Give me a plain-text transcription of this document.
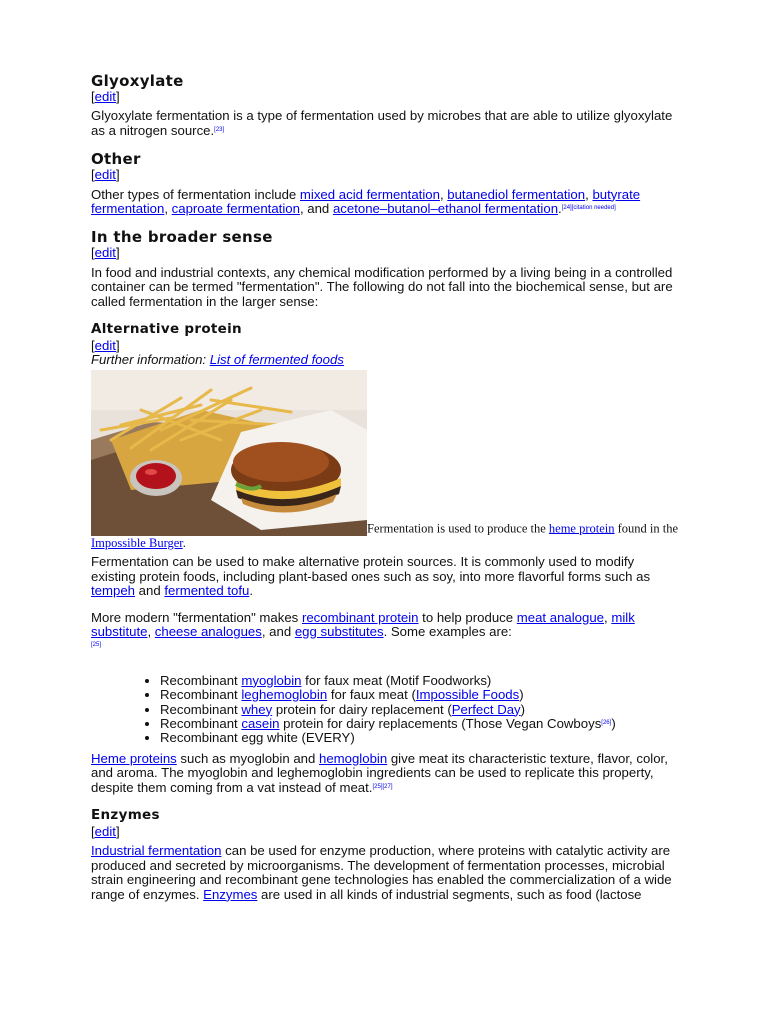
Glyoxylate
[edit]

Glyoxylate fermentation is a type of fermentation used by microbes that are able to utilize glyoxylate as a nitrogen source.[23]

Other
[edit]

Other types of fermentation include mixed acid fermentation, butanediol fermentation, butyrate fermentation, caproate fermentation, and acetone–butanol–ethanol fermentation.[24][citation needed]

In the broader sense
[edit]

In food and industrial contexts, any chemical modification performed by a living being in a controlled container can be termed "fermentation". The following do not fall into the biochemical sense, but are called fermentation in the larger sense:

Alternative protein
[edit]
Further information: List of fermented foods
Fermentation is used to produce the heme protein found in the Impossible Burger.

Fermentation can be used to make alternative protein sources. It is commonly used to modify existing protein foods, including plant-based ones such as soy, into more flavorful forms such as tempeh and fermented tofu.

More modern "fermentation" makes recombinant protein to help produce meat analogue, milk substitute, cheese analogues, and egg substitutes. Some examples are:
[25]

• Recombinant myoglobin for faux meat (Motif Foodworks)
• Recombinant leghemoglobin for faux meat (Impossible Foods)
• Recombinant whey protein for dairy replacement (Perfect Day)
• Recombinant casein protein for dairy replacements (Those Vegan Cowboys[26])
• Recombinant egg white (EVERY)

Heme proteins such as myoglobin and hemoglobin give meat its characteristic texture, flavor, color, and aroma. The myoglobin and leghemoglobin ingredients can be used to replicate this property, despite them coming from a vat instead of meat.[25][27]

Enzymes
[edit]

Industrial fermentation can be used for enzyme production, where proteins with catalytic activity are produced and secreted by microorganisms. The development of fermentation processes, microbial strain engineering and recombinant gene technologies has enabled the commercialization of a wide range of enzymes. Enzymes are used in all kinds of industrial segments, such as food (lactose
